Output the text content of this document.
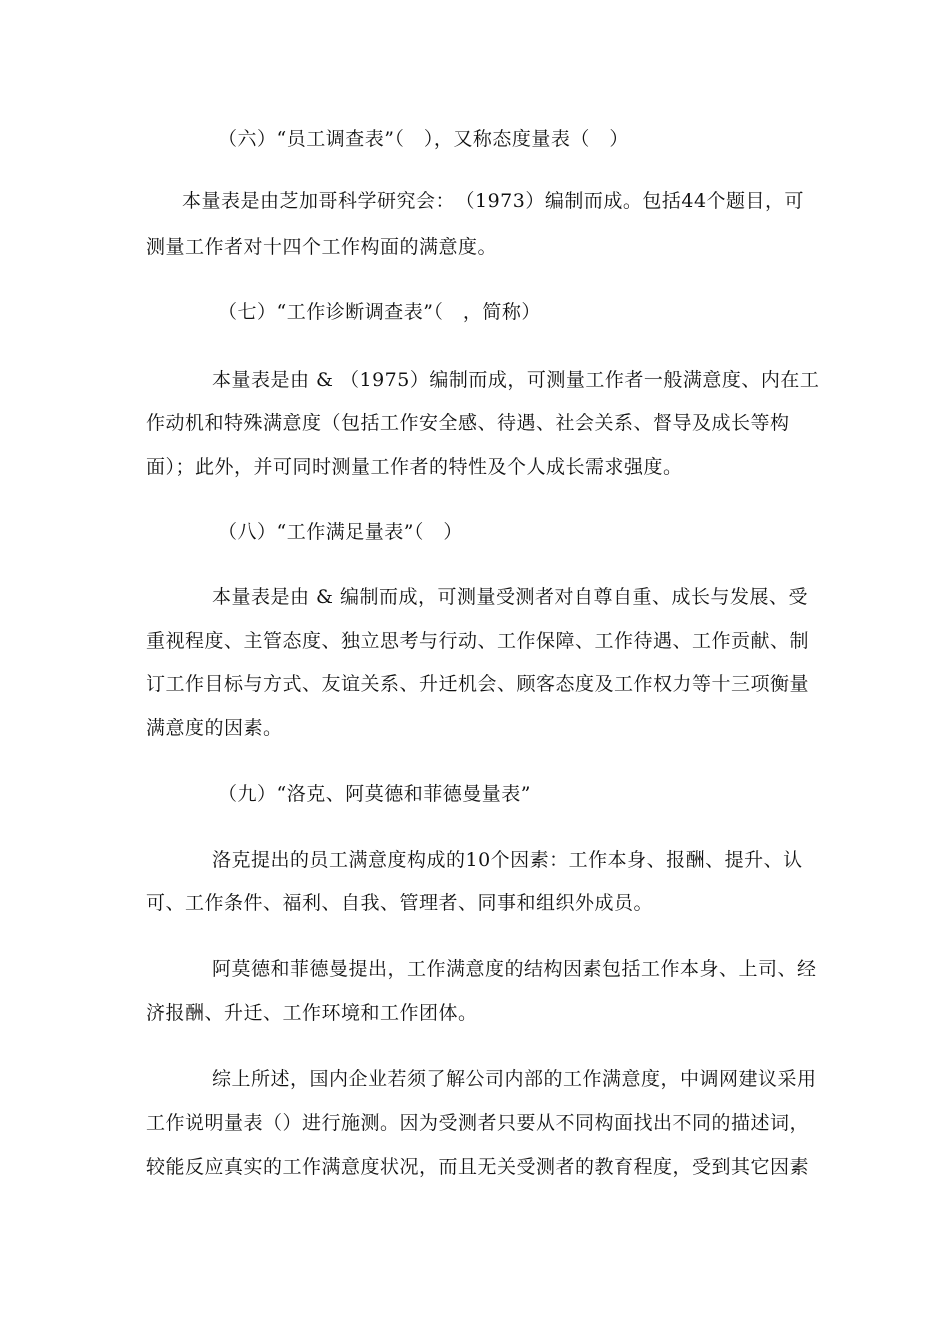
（六）“员工调查表”（　），又称态度量表（　）
本量表是由芝加哥科学研究会：　（1973）编制而成。包括44个题目，可
测量工作者对十四个工作构面的满意度。
（七）“工作诊断调查表”（　，简称）
本量表是由 & （1975）编制而成，可测量工作者一般满意度、内在工
作动机和特殊满意度（包括工作安全感、待遇、社会关系、督导及成长等构
面）；此外，并可同时测量工作者的特性及个人成长需求强度。
（八）“工作满足量表”（　）
本量表是由 & 编制而成，可测量受测者对自尊自重、成长与发展、受
重视程度、主管态度、独立思考与行动、工作保障、工作待遇、工作贡献、制
订工作目标与方式、友谊关系、升迁机会、顾客态度及工作权力等十三项衡量
满意度的因素。
（九）“洛克、阿莫德和菲德曼量表”
洛克提出的员工满意度构成的10个因素：工作本身、报酬、提升、认
可、工作条件、福利、自我、管理者、同事和组织外成员。
阿莫德和菲德曼提出，工作满意度的结构因素包括工作本身、上司、经
济报酬、升迁、工作环境和工作团体。
综上所述，国内企业若须了解公司内部的工作满意度，中调网建议采用
工作说明量表（）进行施测。因为受测者只要从不同构面找出不同的描述词，
较能反应真实的工作满意度状况，而且无关受测者的教育程度，受到其它因素
